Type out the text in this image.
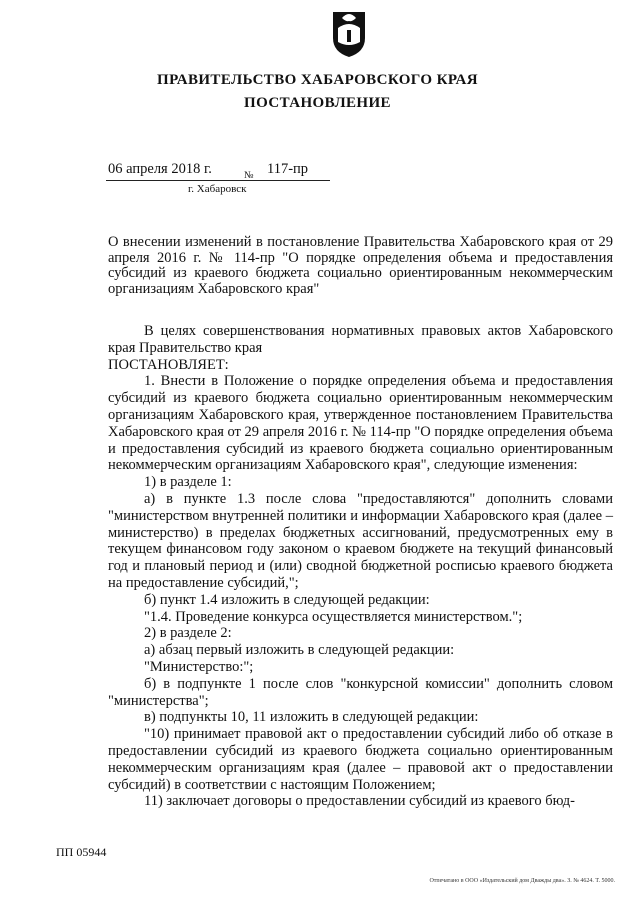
ПРАВИТЕЛЬСТВО ХАБАРОВСКОГО КРАЯ
ПОСТАНОВЛЕНИЕ
06 апреля 2018 г.	№ 117-пр
г. Хабаровск
О внесении изменений в постановление Правительства Хабаровского края от 29 апреля 2016 г. № 114-пр "О порядке определения объема и предоставления субсидий из краевого бюджета социально ориентированным некоммерческим организациям Хабаровского края"

В целях совершенствования нормативных правовых актов Хабаровского края Правительство края

ПОСТАНОВЛЯЕТ:

1. Внести в Положение о порядке определения объема и предоставления субсидий из краевого бюджета социально ориентированным некоммерческим организациям Хабаровского края, утвержденное постановлением Правительства Хабаровского края от 29 апреля 2016 г. № 114-пр "О порядке определения объема и предоставления субсидий из краевого бюджета социально ориентированным некоммерческим организациям Хабаровского края", следующие изменения:

1) в разделе 1:

а) в пункте 1.3 после слова "предоставляются" дополнить словами "министерством внутренней политики и информации Хабаровского края (далее – министерство) в пределах бюджетных ассигнований, предусмотренных ему в текущем финансовом году законом о краевом бюджете на текущий финансовый год и плановый период и (или) сводной бюджетной росписью краевого бюджета на предоставление субсидий,";

б) пункт 1.4 изложить в следующей редакции:

"1.4. Проведение конкурса осуществляется министерством.";

2) в разделе 2:

а) абзац первый изложить в следующей редакции:

"Министерство:";

б) в подпункте 1 после слов "конкурсной комиссии" дополнить словом "министерства";

в) подпункты 10, 11 изложить в следующей редакции:

"10) принимает правовой акт о предоставлении субсидий либо об отказе в предоставлении субсидий из краевого бюджета социально ориентированным некоммерческим организациям края (далее – правовой акт о предоставлении субсидий) в соответствии с настоящим Положением;

11) заключает договоры о предоставлении субсидий из краевого бюд-

ПП 05944
Отпечатано в ООО «Издательский дом Дважды два». З. № 4624. Т. 5000.
